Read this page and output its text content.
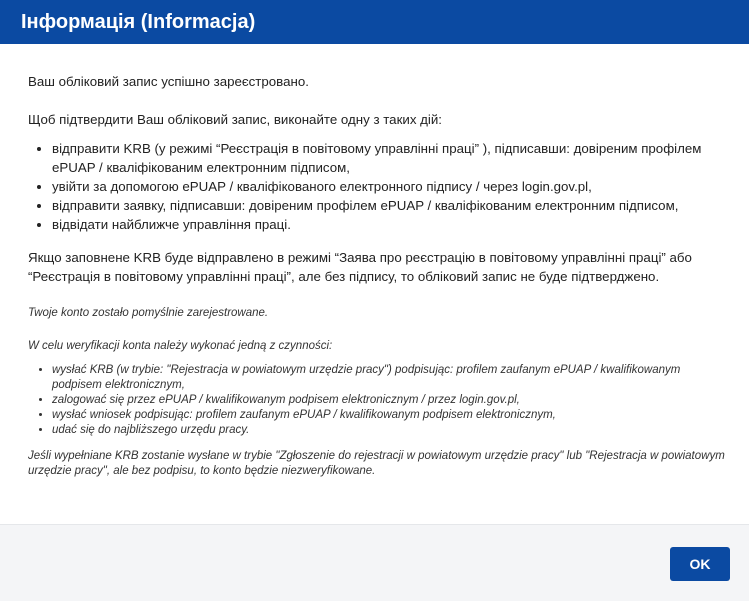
Інформація (Informacja)

Ваш обліковий запис успішно зареєстровано.

Щоб підтвердити Ваш обліковий запис, виконайте одну з таких дій:

• відправити KRB (у режимі “Реєстрація в повітовому управлінні праці” ), підписавши: довіреним профілем ePUAP / кваліфікованим електронним підписом,
• увійти за допомогою ePUAP / кваліфікованого електронного підпису / через login.gov.pl,
• відправити заявку, підписавши: довіреним профілем ePUAP / кваліфікованим електронним підписом,
• відвідати найближче управління праці.

Якщо заповнене KRB буде відправлено в режимі “Заява про реєстрацію в повітовому управлінні праці” або “Реєстрація в повітовому управлінні праці”, але без підпису, то обліковий запис не буде підтверджено.

Twoje konto zostało pomyślnie zarejestrowane.

W celu weryfikacji konta należy wykonać jedną z czynności:

• wysłać KRB (w trybie: "Rejestracja w powiatowym urzędzie pracy") podpisując: profilem zaufanym ePUAP / kwalifikowanym podpisem elektronicznym,
• zalogować się przez ePUAP / kwalifikowanym podpisem elektronicznym / przez login.gov.pl,
• wysłać wniosek podpisując: profilem zaufanym ePUAP / kwalifikowanym podpisem elektronicznym,
• udać się do najbliższego urzędu pracy.

Jeśli wypełniane KRB zostanie wysłane w trybie "Zgłoszenie do rejestracji w powiatowym urzędzie pracy" lub "Rejestracja w powiatowym urzędzie pracy", ale bez podpisu, to konto będzie niezweryfikowane.

OK
